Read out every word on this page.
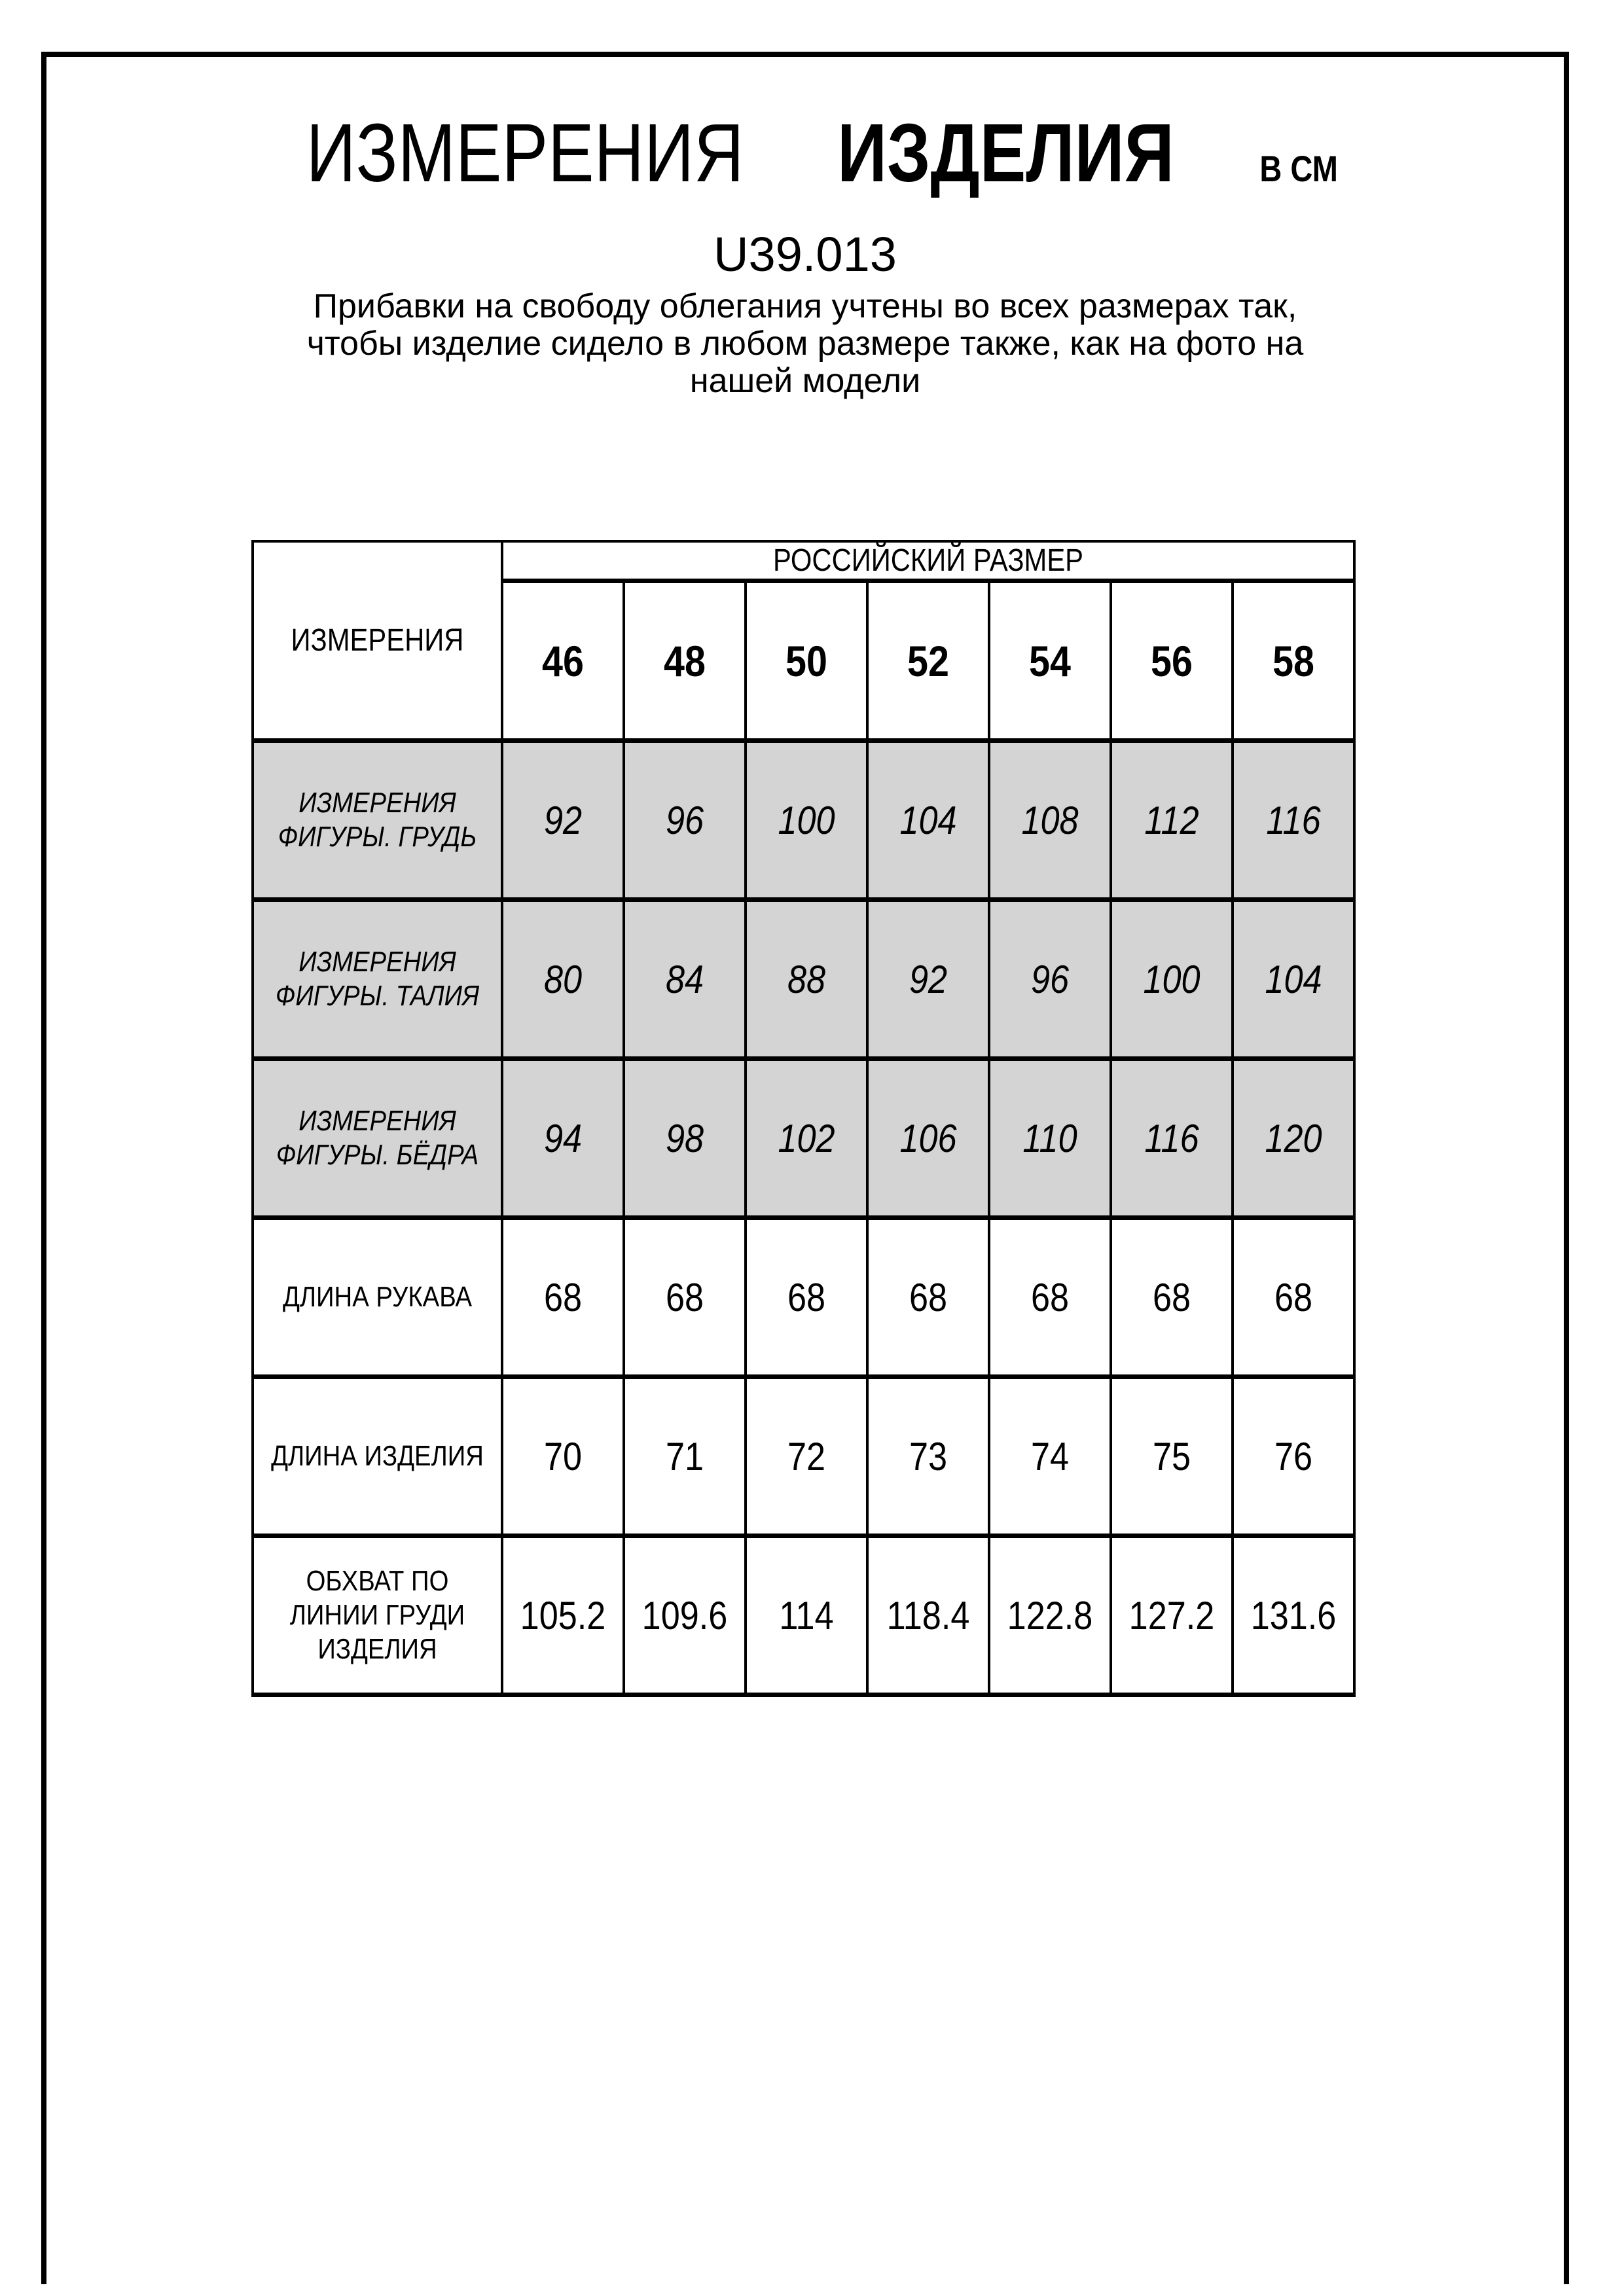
ИЗМЕРЕНИЯ	ИЗДЕЛИЯ	В СМ
U39.013
Прибавки на свободу облегания учтены во всех размерах так,
чтобы изделие сидело в любом размере также, как на фото на
нашей модели
ИЗМЕРЕНИЯ	РОССИЙСКИЙ РАЗМЕР						

	46	48	50	52	54	56	58

ИЗМЕРЕНИЯ
ФИГУРЫ. ГРУДЬ	92	96	100	104	108	112	116

ИЗМЕРЕНИЯ
ФИГУРЫ. ТАЛИЯ	80	84	88	92	96	100	104

ИЗМЕРЕНИЯ
ФИГУРЫ. БЁДРА	94	98	102	106	110	116	120

ДЛИНА РУКАВА	68	68	68	68	68	68	68

ДЛИНА ИЗДЕЛИЯ	70	71	72	73	74	75	76

ОБХВАТ ПО
ЛИНИИ ГРУДИ
ИЗДЕЛИЯ	105.2	109.6	114	118.4	122.8	127.2	131.6
